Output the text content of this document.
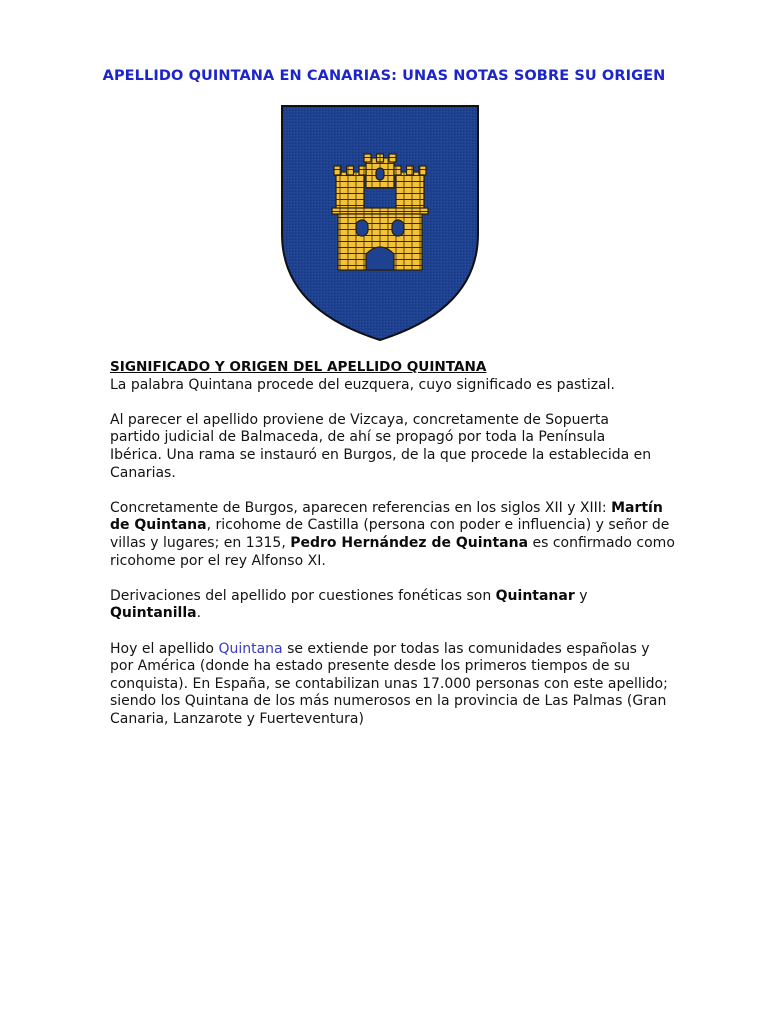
APELLIDO QUINTANA EN CANARIAS: UNAS NOTAS SOBRE SU ORIGEN

SIGNIFICADO Y ORIGEN DEL APELLIDO QUINTANA
La palabra Quintana procede del euzquera, cuyo significado es pastizal.

Al parecer el apellido proviene de Vizcaya, concretamente de Sopuerta
partido judicial de Balmaceda, de ahí se propagó por toda la Península
Ibérica. Una rama se instauró en Burgos, de la que procede la establecida en
Canarias.

Concretamente de Burgos, aparecen referencias en los siglos XII y XIII: Martín
de Quintana, ricohome de Castilla (persona con poder e influencia) y señor de
villas y lugares; en 1315, Pedro Hernández de Quintana es confirmado como
ricohome por el rey Alfonso XI.

Derivaciones del apellido por cuestiones fonéticas son Quintanar y
Quintanilla.

Hoy el apellido Quintana se extiende por todas las comunidades españolas y
por América (donde ha estado presente desde los primeros tiempos de su
conquista). En España, se contabilizan unas 17.000 personas con este apellido;
siendo los Quintana de los más numerosos en la provincia de Las Palmas (Gran
Canaria, Lanzarote y Fuerteventura)
